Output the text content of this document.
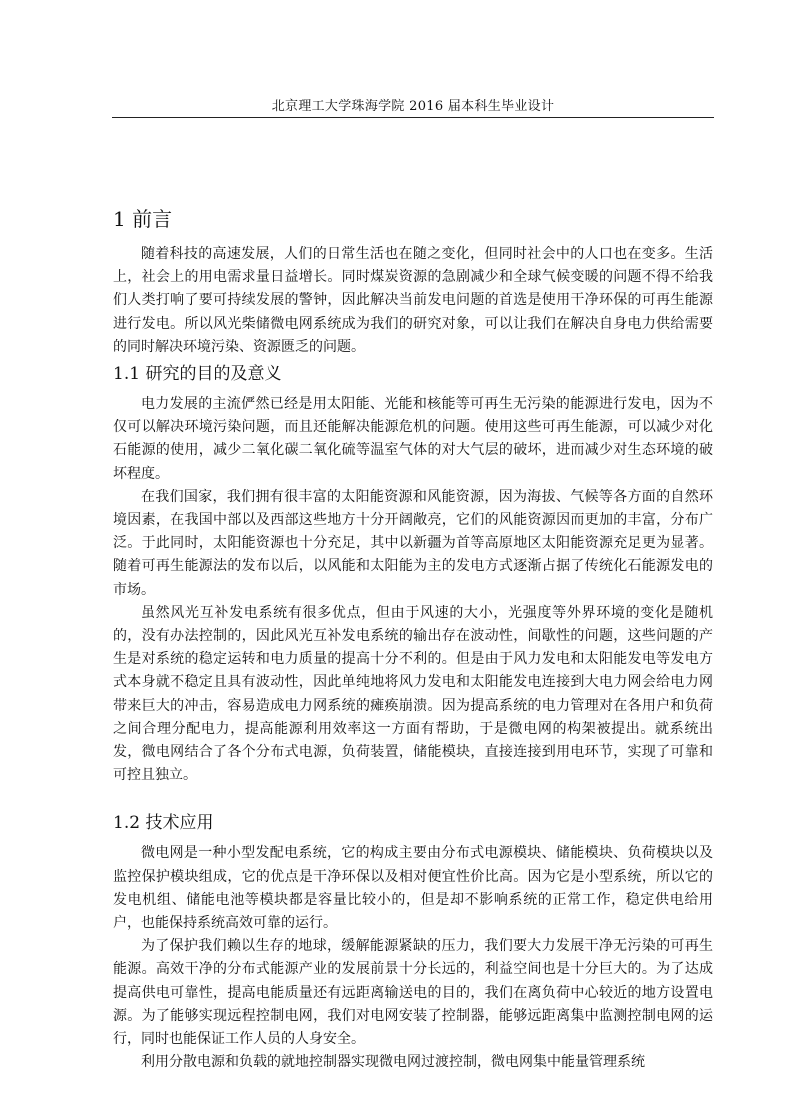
北京理工大学珠海学院 2016 届本科生毕业设计
1 前言

随着科技的高速发展，人们的日常生活也在随之变化，但同时社会中的人口也在变多。生活上，社会上的用电需求量日益增长。同时煤炭资源的急剧减少和全球气候变暖的问题不得不给我们人类打响了要可持续发展的警钟，因此解决当前发电问题的首选是使用干净环保的可再生能源进行发电。所以风光柴储微电网系统成为我们的研究对象，可以让我们在解决自身电力供给需要的同时解决环境污染、资源匮乏的问题。

1.1 研究的目的及意义

电力发展的主流俨然已经是用太阳能、光能和核能等可再生无污染的能源进行发电，因为不仅可以解决环境污染问题，而且还能解决能源危机的问题。使用这些可再生能源，可以减少对化石能源的使用，减少二氧化碳二氧化硫等温室气体的对大气层的破坏，进而减少对生态环境的破坏程度。

在我们国家，我们拥有很丰富的太阳能资源和风能资源，因为海拔、气候等各方面的自然环境因素，在我国中部以及西部这些地方十分开阔敞亮，它们的风能资源因而更加的丰富，分布广泛。于此同时，太阳能资源也十分充足，其中以新疆为首等高原地区太阳能资源充足更为显著。随着可再生能源法的发布以后，以风能和太阳能为主的发电方式逐渐占据了传统化石能源发电的市场。

虽然风光互补发电系统有很多优点，但由于风速的大小，光强度等外界环境的变化是随机的，没有办法控制的，因此风光互补发电系统的输出存在波动性，间歇性的问题，这些问题的产生是对系统的稳定运转和电力质量的提高十分不利的。但是由于风力发电和太阳能发电等发电方式本身就不稳定且具有波动性，因此单纯地将风力发电和太阳能发电连接到大电力网会给电力网带来巨大的冲击，容易造成电力网系统的瘫痪崩溃。因为提高系统的电力管理对在各用户和负荷之间合理分配电力，提高能源利用效率这一方面有帮助，于是微电网的构架被提出。就系统出发，微电网结合了各个分布式电源，负荷装置，储能模块，直接连接到用电环节，实现了可靠和可控且独立。

1.2 技术应用

微电网是一种小型发配电系统，它的构成主要由分布式电源模块、储能模块、负荷模块以及监控保护模块组成，它的优点是干净环保以及相对便宜性价比高。因为它是小型系统，所以它的发电机组、储能电池等模块都是容量比较小的，但是却不影响系统的正常工作，稳定供电给用户，也能保持系统高效可靠的运行。

为了保护我们赖以生存的地球，缓解能源紧缺的压力，我们要大力发展干净无污染的可再生能源。高效干净的分布式能源产业的发展前景十分长远的，利益空间也是十分巨大的。为了达成提高供电可靠性，提高电能质量还有远距离输送电的目的，我们在离负荷中心较近的地方设置电源。为了能够实现远程控制电网，我们对电网安装了控制器，能够远距离集中监测控制电网的运行，同时也能保证工作人员的人身安全。

利用分散电源和负载的就地控制器实现微电网过渡控制，微电网集中能量管理系统
